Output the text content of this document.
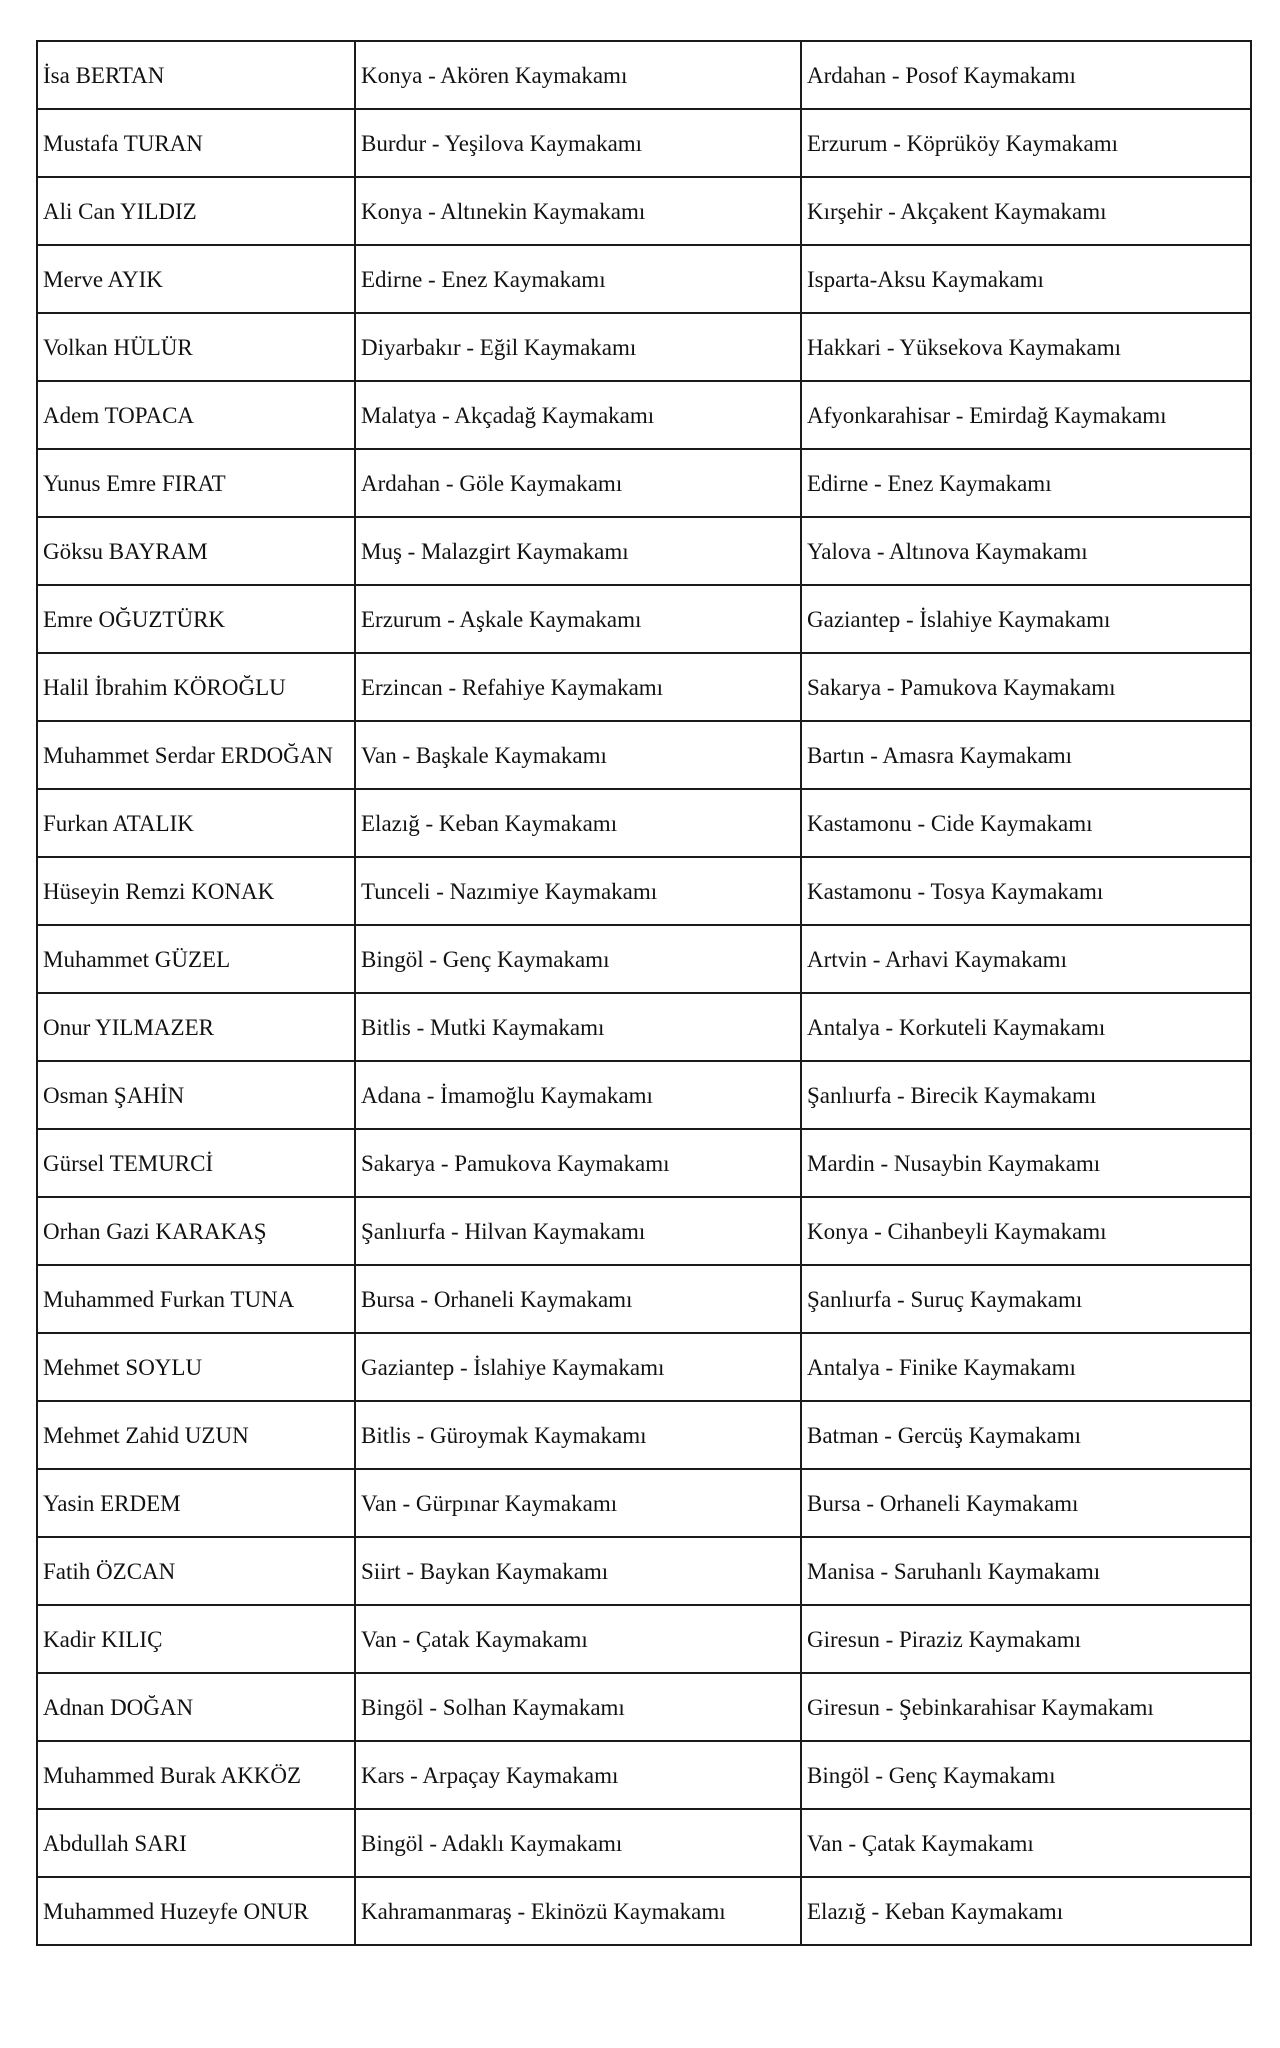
İsa BERTAN	Konya - Akören Kaymakamı	Ardahan - Posof Kaymakamı
Mustafa TURAN	Burdur - Yeşilova Kaymakamı	Erzurum - Köprüköy Kaymakamı
Ali Can YILDIZ	Konya - Altınekin Kaymakamı	Kırşehir - Akçakent Kaymakamı
Merve AYIK	Edirne - Enez Kaymakamı	Isparta-Aksu Kaymakamı
Volkan HÜLÜR	Diyarbakır - Eğil Kaymakamı	Hakkari - Yüksekova Kaymakamı
Adem TOPACA	Malatya - Akçadağ Kaymakamı	Afyonkarahisar - Emirdağ Kaymakamı
Yunus Emre FIRAT	Ardahan - Göle Kaymakamı	Edirne - Enez Kaymakamı
Göksu BAYRAM	Muş - Malazgirt Kaymakamı	Yalova - Altınova Kaymakamı
Emre OĞUZTÜRK	Erzurum - Aşkale Kaymakamı	Gaziantep - İslahiye Kaymakamı
Halil İbrahim KÖROĞLU	Erzincan - Refahiye Kaymakamı	Sakarya - Pamukova Kaymakamı
Muhammet Serdar ERDOĞAN	Van - Başkale Kaymakamı	Bartın - Amasra Kaymakamı
Furkan ATALIK	Elazığ - Keban Kaymakamı	Kastamonu - Cide Kaymakamı
Hüseyin Remzi KONAK	Tunceli - Nazımiye Kaymakamı	Kastamonu - Tosya Kaymakamı
Muhammet GÜZEL	Bingöl - Genç Kaymakamı	Artvin - Arhavi Kaymakamı
Onur YILMAZER	Bitlis - Mutki Kaymakamı	Antalya - Korkuteli Kaymakamı
Osman ŞAHİN	Adana - İmamoğlu Kaymakamı	Şanlıurfa - Birecik Kaymakamı
Gürsel TEMURCİ	Sakarya - Pamukova Kaymakamı	Mardin - Nusaybin Kaymakamı
Orhan Gazi KARAKAŞ	Şanlıurfa - Hilvan Kaymakamı	Konya - Cihanbeyli Kaymakamı
Muhammed Furkan TUNA	Bursa - Orhaneli Kaymakamı	Şanlıurfa - Suruç Kaymakamı
Mehmet SOYLU	Gaziantep - İslahiye Kaymakamı	Antalya - Finike Kaymakamı
Mehmet Zahid UZUN	Bitlis - Güroymak Kaymakamı	Batman - Gercüş Kaymakamı
Yasin ERDEM	Van - Gürpınar Kaymakamı	Bursa - Orhaneli Kaymakamı
Fatih ÖZCAN	Siirt - Baykan Kaymakamı	Manisa - Saruhanlı Kaymakamı
Kadir KILIÇ	Van - Çatak Kaymakamı	Giresun - Piraziz Kaymakamı
Adnan DOĞAN	Bingöl - Solhan Kaymakamı	Giresun - Şebinkarahisar Kaymakamı
Muhammed Burak AKKÖZ	Kars - Arpaçay Kaymakamı	Bingöl - Genç Kaymakamı
Abdullah SARI	Bingöl - Adaklı Kaymakamı	Van - Çatak Kaymakamı
Muhammed Huzeyfe ONUR	Kahramanmaraş - Ekinözü Kaymakamı	Elazığ - Keban Kaymakamı
